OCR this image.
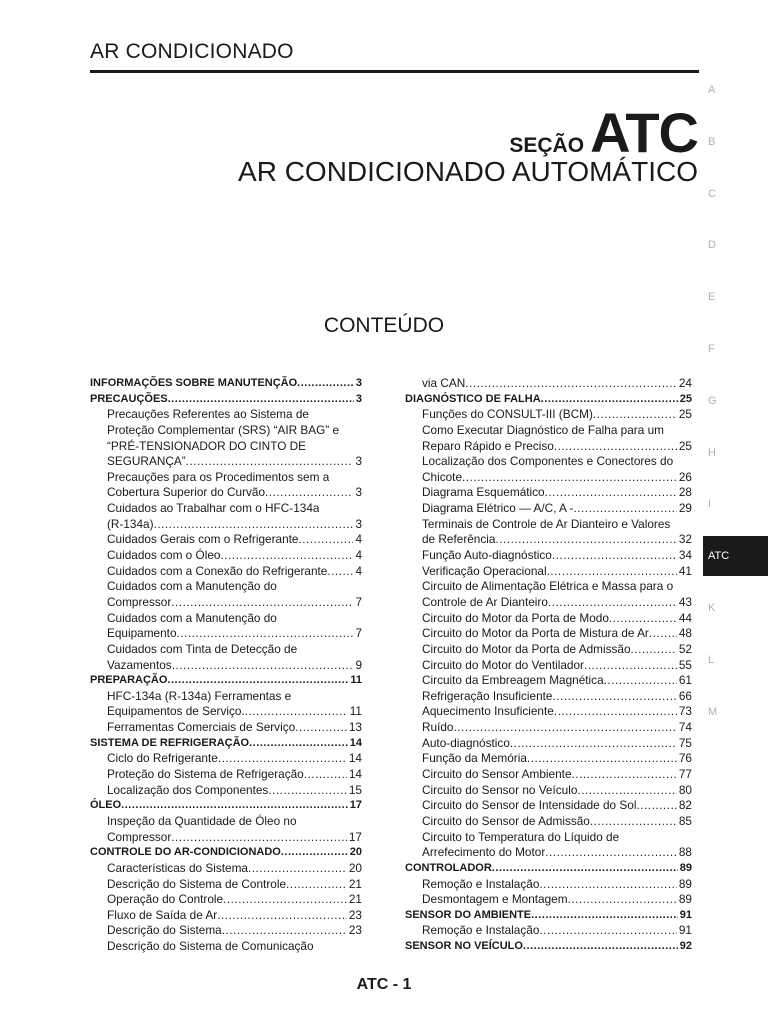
AR CONDICIONADO
SEÇÃO ATC
AR CONDICIONADO AUTOMÁTICO
CONTEÚDO
INFORMAÇÕES SOBRE MANUTENÇÃO .....	3
PRECAUÇÕES .....	3
Precauções Referentes ao Sistema de
Proteção Complementar (SRS) “AIR BAG” e
“PRÉ-TENSIONADOR DO CINTO DE
SEGURANÇA” .....	3
Precauções para os Procedimentos sem a
Cobertura Superior do Curvão .....	3
Cuidados ao Trabalhar com o HFC-134a
(R-134a) .....	3
Cuidados Gerais com o Refrigerante .....	4
Cuidados com o Óleo .....	4
Cuidados com a Conexão do Refrigerante ..... 4
Cuidados com a Manutenção do
Compressor .....	7
Cuidados com a Manutenção do
Equipamento .....	7
Cuidados com Tinta de Detecção de
Vazamentos .....	9
PREPARAÇÃO .....	11
HFC-134a (R-134a) Ferramentas e
Equipamentos de Serviço. .....	11
Ferramentas Comerciais de Serviço .....	13
SISTEMA DE REFRIGERAÇÃO .....	14
Ciclo do Refrigerante .....	14
Proteção do Sistema de Refrigeração .....	14
Localização dos Componentes .....	15
ÓLEO .....	17
Inspeção da Quantidade de Óleo no
Compressor .....	17
CONTROLE DO AR-CONDICIONADO .....	20
Características do Sistema .....	20
Descrição do Sistema de Controle .....	21
Operação do Controle .....	21
Fluxo de Saída de Ar .....	23
Descrição do Sistema .....	23
Descrição do Sistema de Comunicação
via CAN .....	24
DIAGNÓSTICO DE FALHA .....	25
Funções do CONSULT-III (BCM) .....	25
Como Executar Diagnóstico de Falha para um
Reparo Rápido e Preciso .....	25
Localização dos Componentes e Conectores do
Chicote .....	26
Diagrama Esquemático .....	28
Diagrama Elétrico — A/C, A - .....	29
Terminais de Controle de Ar Dianteiro e Valores
de Referência .....	32
Função Auto-diagnóstico .....	34
Verificação Operacional .....	41
Circuito de Alimentação Elétrica e Massa para o
Controle de Ar Dianteiro .....	43
Circuito do Motor da Porta de Modo .....	44
Circuito do Motor da Porta de Mistura de Ar .....	48
Circuito do Motor da Porta de Admissão .....	52
Circuito do Motor do Ventilador .....	55
Circuito da Embreagem Magnética .....	61
Refrigeração Insuficiente .....	66
Aquecimento Insuficiente .....	73
Ruído .....	74
Auto-diagnóstico .....	75
Função da Memória .....	76
Circuito do Sensor Ambiente .....	77
Circuito do Sensor no Veículo .....	80
Circuito do Sensor de Intensidade do Sol .....	82
Circuito do Sensor de Admissão .....	85
Circuito to Temperatura do Líquido de
Arrefecimento do Motor .....	88
CONTROLADOR .....	89
Remoção e Instalação .....	89
Desmontagem e Montagem .....	89
SENSOR DO AMBIENTE .....	91
Remoção e Instalação .....	91
SENSOR NO VEÍCULO .....	92
A
B
C
D
E
F
G
H
I
ATC
K
L
M
ATC - 1
